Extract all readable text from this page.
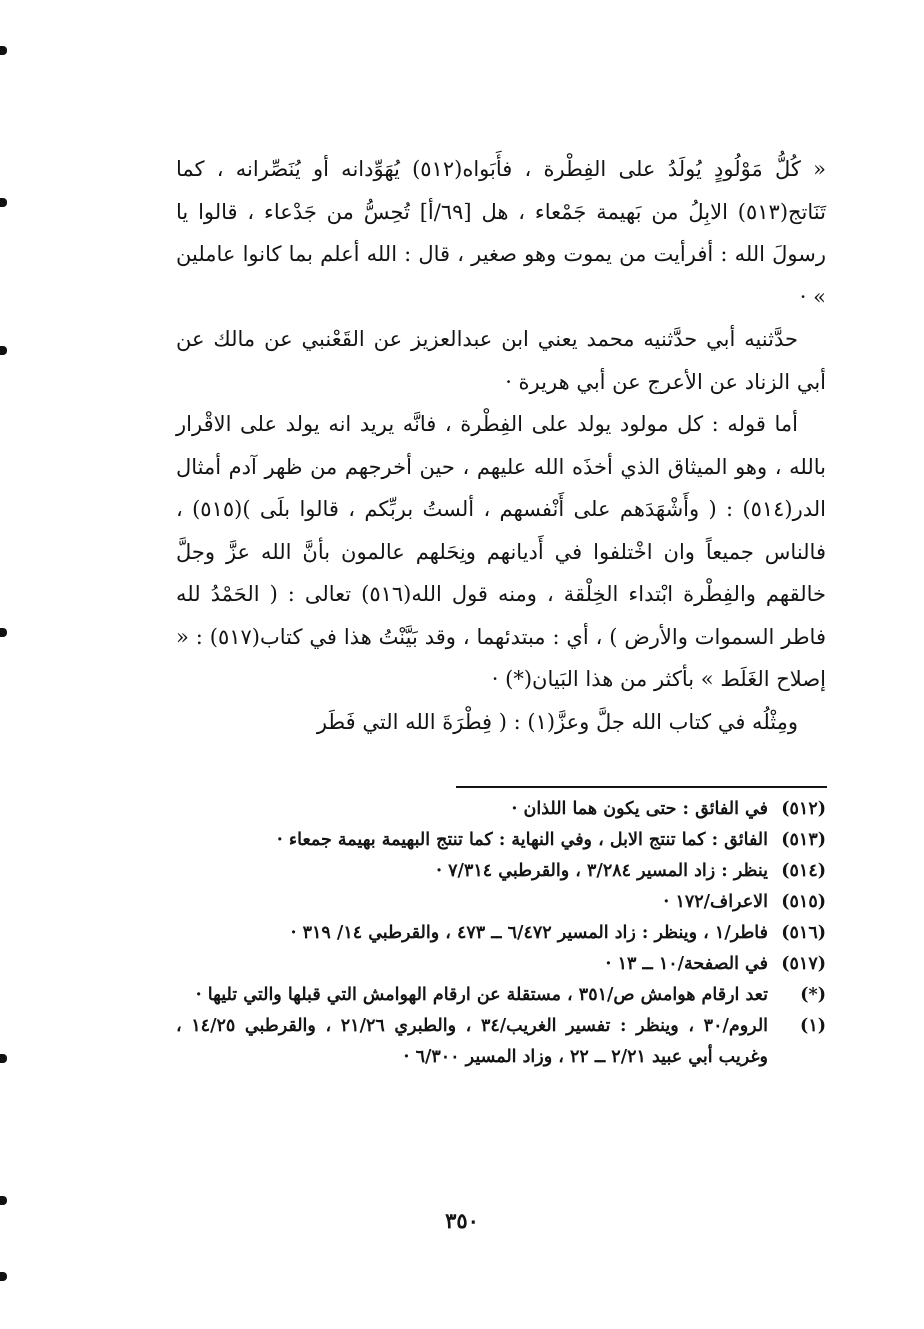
« كُلُّ مَوْلُودٍ يُولَدُ على الفِطْرة ، فأَبَواه(٥١٢) يُهَوِّدانه أو يُنَصِّرانه ، كما تَنَاتج(٥١٣) الابِلُ من بَهيمة جَمْعاء ، هل [٦٩/أ] تُحِسُّ من جَدْعاء ، قالوا يا رسولَ الله : أفرأيت من يموت وهو صغير ، قال : الله أعلم بما كانوا عاملين » ·

حدَّثنيه أبي حدَّثنيه محمد يعني ابن عبدالعزيز عن القَعْنبي عن مالك عن أبي الزناد عن الأعرج عن أبي هريرة ·

أما قوله : كل مولود يولد على الفِطْرة ، فانَّه يريد انه يولد على الاقْرار بالله ، وهو الميثاق الذي أخذَه الله عليهم ، حين أخرجهم من ظهر آدم أمثال الدر(٥١٤) : ( وأَشْهَدَهم على أَنْفسهم ، ألستُ بربِّكم ، قالوا بلَى )(٥١٥) ، فالناس جميعاً وان اخْتلفوا في أَديانهم ونِحَلهم عالمون بأنَّ الله عزَّ وجلَّ خالقهم والفِطْرة ابْتداء الخِلْقة ، ومنه قول الله(٥١٦) تعالى : ( الحَمْدُ لله فاطر السموات والأرض ) ، أي : مبتدئهما ، وقد بَيَّنْتُ هذا في كتاب(٥١٧) : « إصلاح الغَلَط » بأكثر من هذا البَيان(*) ·

ومِثْلُه في كتاب الله جلَّ وعزَّ(١) : ( فِطْرَةَ الله التي فَطَر

(٥١٢)
في الفائق : حتى يكون هما اللذان ·
(٥١٣)
الفائق : كما تنتج الابل ، وفي النهاية : كما تنتج البهيمة بهيمة جمعاء ·
(٥١٤)
ينظر : زاد المسير ٣/٢٨٤ ، والقرطبي ٧/٣١٤ ·
(٥١٥)
الاعراف/١٧٢ ·
(٥١٦)
فاطر/١ ، وينظر : زاد المسير ٦/٤٧٢ ــ ٤٧٣ ، والقرطبي ١٤/ ٣١٩ ·
(٥١٧)
في الصفحة/١٠ ــ ١٣ ·
(*)
تعد ارقام هوامش ص/٣٥١ ، مستقلة عن ارقام الهوامش التي قبلها والتي تليها ·
(١)
الروم/٣٠ ، وينظر : تفسير الغريب/٣٤ ، والطبري ٢١/٢٦ ، والقرطبي ١٤/٢٥ ، وغريب أبي عبيد ٢/٢١ ــ ٢٢ ، وزاد المسير ٦/٣٠٠ ·
٣٥٠
